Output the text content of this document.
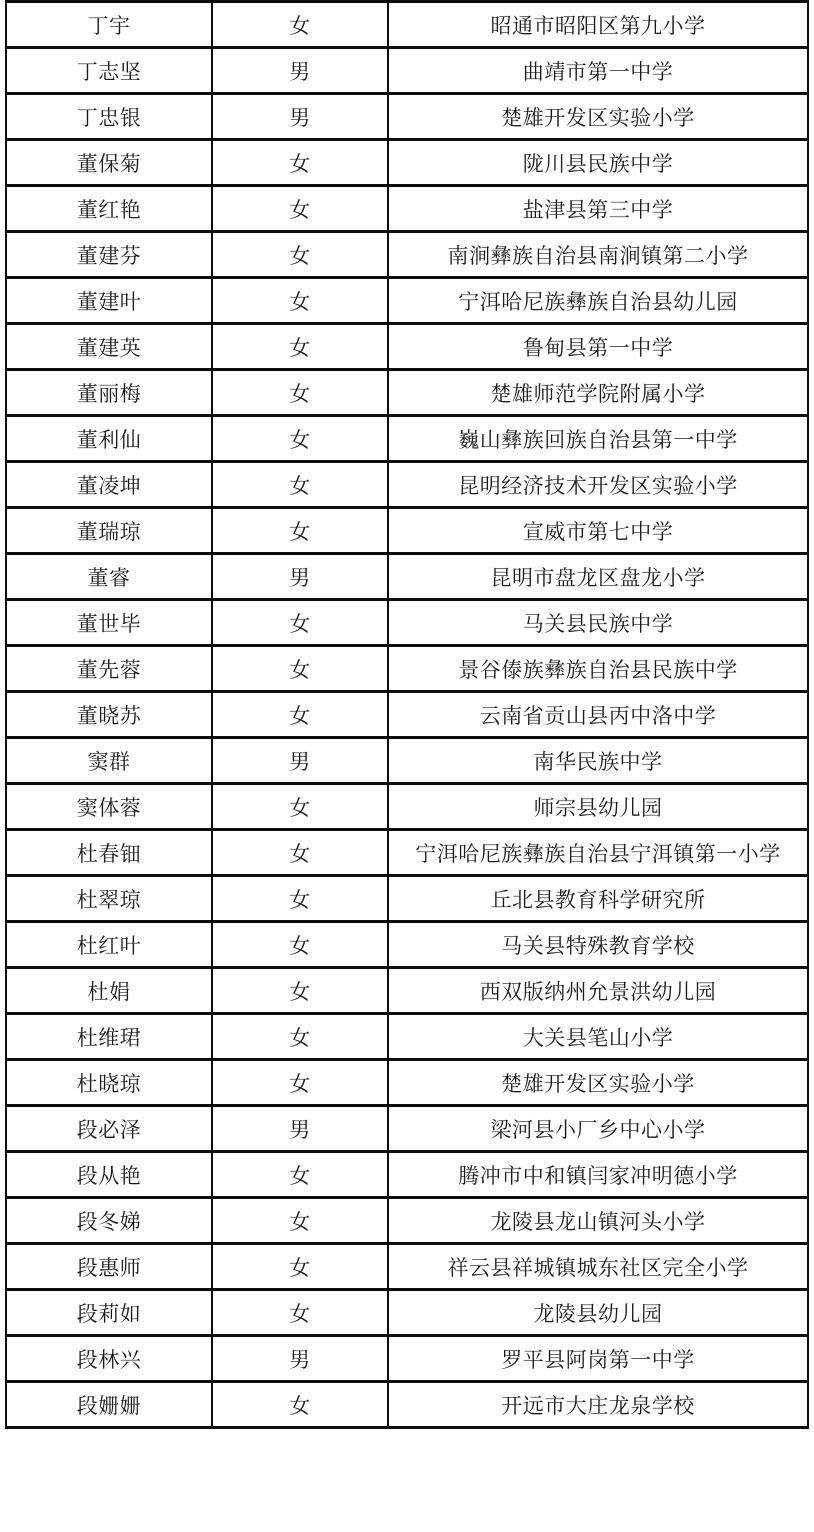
丁宇	女	昭通市昭阳区第九小学
丁志坚	男	曲靖市第一中学
丁忠银	男	楚雄开发区实验小学
董保菊	女	陇川县民族中学
董红艳	女	盐津县第三中学
董建芬	女	南涧彝族自治县南涧镇第二小学
董建叶	女	宁洱哈尼族彝族自治县幼儿园
董建英	女	鲁甸县第一中学
董丽梅	女	楚雄师范学院附属小学
董利仙	女	巍山彝族回族自治县第一中学
董凌坤	女	昆明经济技术开发区实验小学
董瑞琼	女	宣威市第七中学
董睿	男	昆明市盘龙区盘龙小学
董世毕	女	马关县民族中学
董先蓉	女	景谷傣族彝族自治县民族中学
董晓苏	女	云南省贡山县丙中洛中学
窦群	男	南华民族中学
窦体蓉	女	师宗县幼儿园
杜春钿	女	宁洱哈尼族彝族自治县宁洱镇第一小学
杜翠琼	女	丘北县教育科学研究所
杜红叶	女	马关县特殊教育学校
杜娟	女	西双版纳州允景洪幼儿园
杜维珺	女	大关县笔山小学
杜晓琼	女	楚雄开发区实验小学
段必泽	男	梁河县小厂乡中心小学
段从艳	女	腾冲市中和镇闫家冲明德小学
段冬娣	女	龙陵县龙山镇河头小学
段惠师	女	祥云县祥城镇城东社区完全小学
段莉如	女	龙陵县幼儿园
段林兴	男	罗平县阿岗第一中学
段姗姗	女	开远市大庄龙泉学校
